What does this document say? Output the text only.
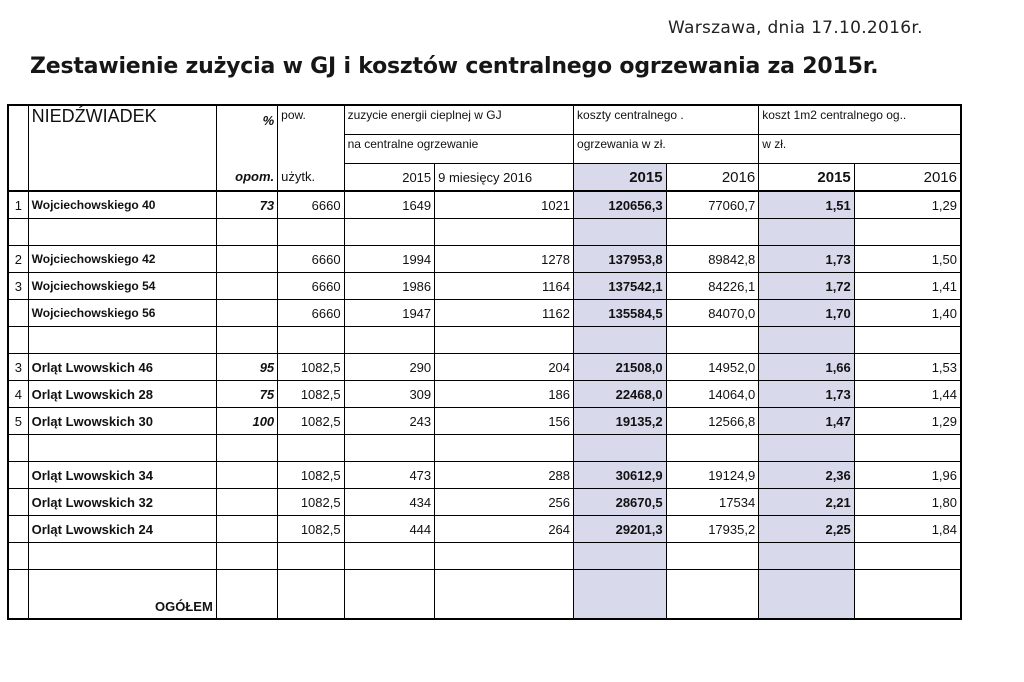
Warszawa, dnia 17.10.2016r.
Zestawienie zużycia w GJ i kosztów centralnego ogrzewania za 2015r.
	NIEDŹWIADEK	%	pow.	zuzycie energii cieplnej w GJ		koszty centralnego .		koszt 1m2 centralnego og..	
				na centralne ogrzewanie		ogrzewania w zł.		w zł.	
		opom.	użytk.	2015	9 miesięcy 2016	2015	2016	2015	2016
1	Wojciechowskiego 40	73	6660	1649	1021	120656,3	77060,7	1,51	1,29

2	Wojciechowskiego 42		6660	1994	1278	137953,8	89842,8	1,73	1,50
3	Wojciechowskiego 54		6660	1986	1164	137542,1	84226,1	1,72	1,41
	Wojciechowskiego 56		6660	1947	1162	135584,5	84070,0	1,70	1,40

3	Orląt Lwowskich 46	95	1082,5	290	204	21508,0	14952,0	1,66	1,53
4	Orląt Lwowskich 28	75	1082,5	309	186	22468,0	14064,0	1,73	1,44
5	Orląt Lwowskich 30	100	1082,5	243	156	19135,2	12566,8	1,47	1,29

	Orląt Lwowskich 34		1082,5	473	288	30612,9	19124,9	2,36	1,96
	Orląt Lwowskich 32		1082,5	434	256	28670,5	17534	2,21	1,80
	Orląt Lwowskich 24		1082,5	444	264	29201,3	17935,2	2,25	1,84

	OGÓŁEM								
